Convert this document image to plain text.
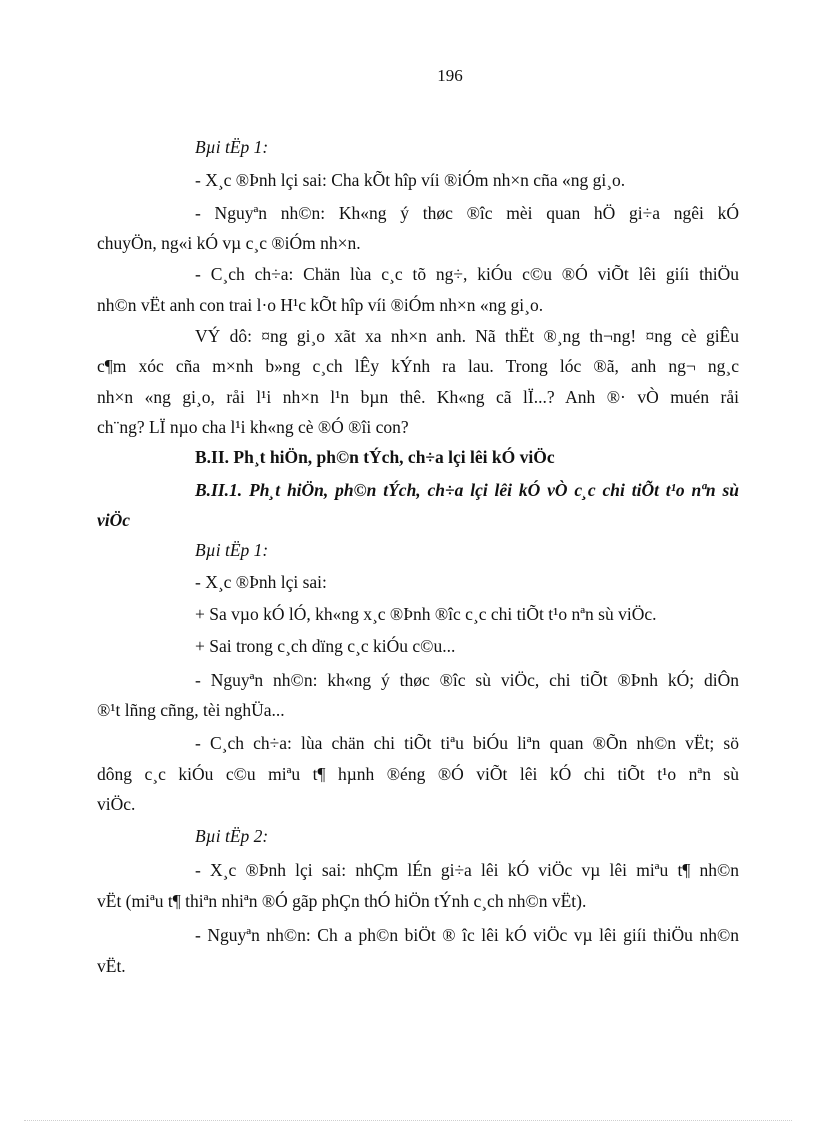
196
Bµi tËp 1:
- X¸c ®Þnh lçi sai: Cha kÕt hîp víi ®iÓm nh×n cña «ng gi¸o.
- Nguyªn nh©n: Kh«ng ý thøc ®îc mèi quan hÖ gi÷a ngêi kÓ
chuyÖn, ng«i kÓ vµ c¸c ®iÓm nh×n.
- C¸ch ch÷a: Chän lùa c¸c tõ ng÷, kiÓu c©u ®Ó viÕt lêi giíi thiÖu
nh©n vËt anh con trai l·o H¹c kÕt hîp víi ®iÓm nh×n «ng gi¸o.
VÝ dô: ¤ng gi¸o xãt xa nh×n anh. Nã thËt ®¸ng th¬ng! ¤ng cè giÊu
c¶m xóc cña m×nh b»ng c¸ch lÊy kÝnh ra lau. Trong lóc ®ã, anh ng¬ ng¸c
nh×n «ng gi¸o, råi l¹i nh×n l¹n bµn thê. Kh«ng cã lÏ...? Anh ®· vÒ muén råi
ch¨ng? LÏ nµo cha l¹i kh«ng cè ®Ó ®îi con?
B.II. Ph¸t hiÖn, ph©n tÝch, ch÷a lçi lêi kÓ viÖc
B.II.1. Ph¸t hiÖn, ph©n tÝch, ch÷a lçi lêi kÓ vÒ c¸c chi tiÕt t¹o nªn sù
viÖc
Bµi tËp 1:
- X¸c ®Þnh lçi sai:
+ Sa vµo kÓ lÓ, kh«ng x¸c ®Þnh ®îc c¸c chi tiÕt t¹o nªn sù viÖc.
+ Sai trong c¸ch dïng c¸c kiÓu c©u...
- Nguyªn nh©n: kh«ng ý thøc ®îc sù viÖc, chi tiÕt ®Þnh kÓ; diÔn
®¹t lñng cñng, tèi nghÜa...
- C¸ch ch÷a: lùa chän chi tiÕt tiªu biÓu liªn quan ®Õn nh©n vËt; sö
dông c¸c kiÓu c©u miªu t¶ hµnh ®éng ®Ó viÕt lêi kÓ chi tiÕt t¹o nªn sù
viÖc.
Bµi tËp 2:
- X¸c ®Þnh lçi sai: nhÇm lÉn gi÷a lêi kÓ viÖc vµ lêi miªu t¶ nh©n
vËt (miªu t¶ thiªn nhiªn ®Ó gãp phÇn thÓ hiÖn tÝnh c¸ch nh©n vËt).
- Nguyªn nh©n: Ch a ph©n biÖt ® îc lêi kÓ viÖc vµ lêi giíi thiÖu nh©n
vËt.
